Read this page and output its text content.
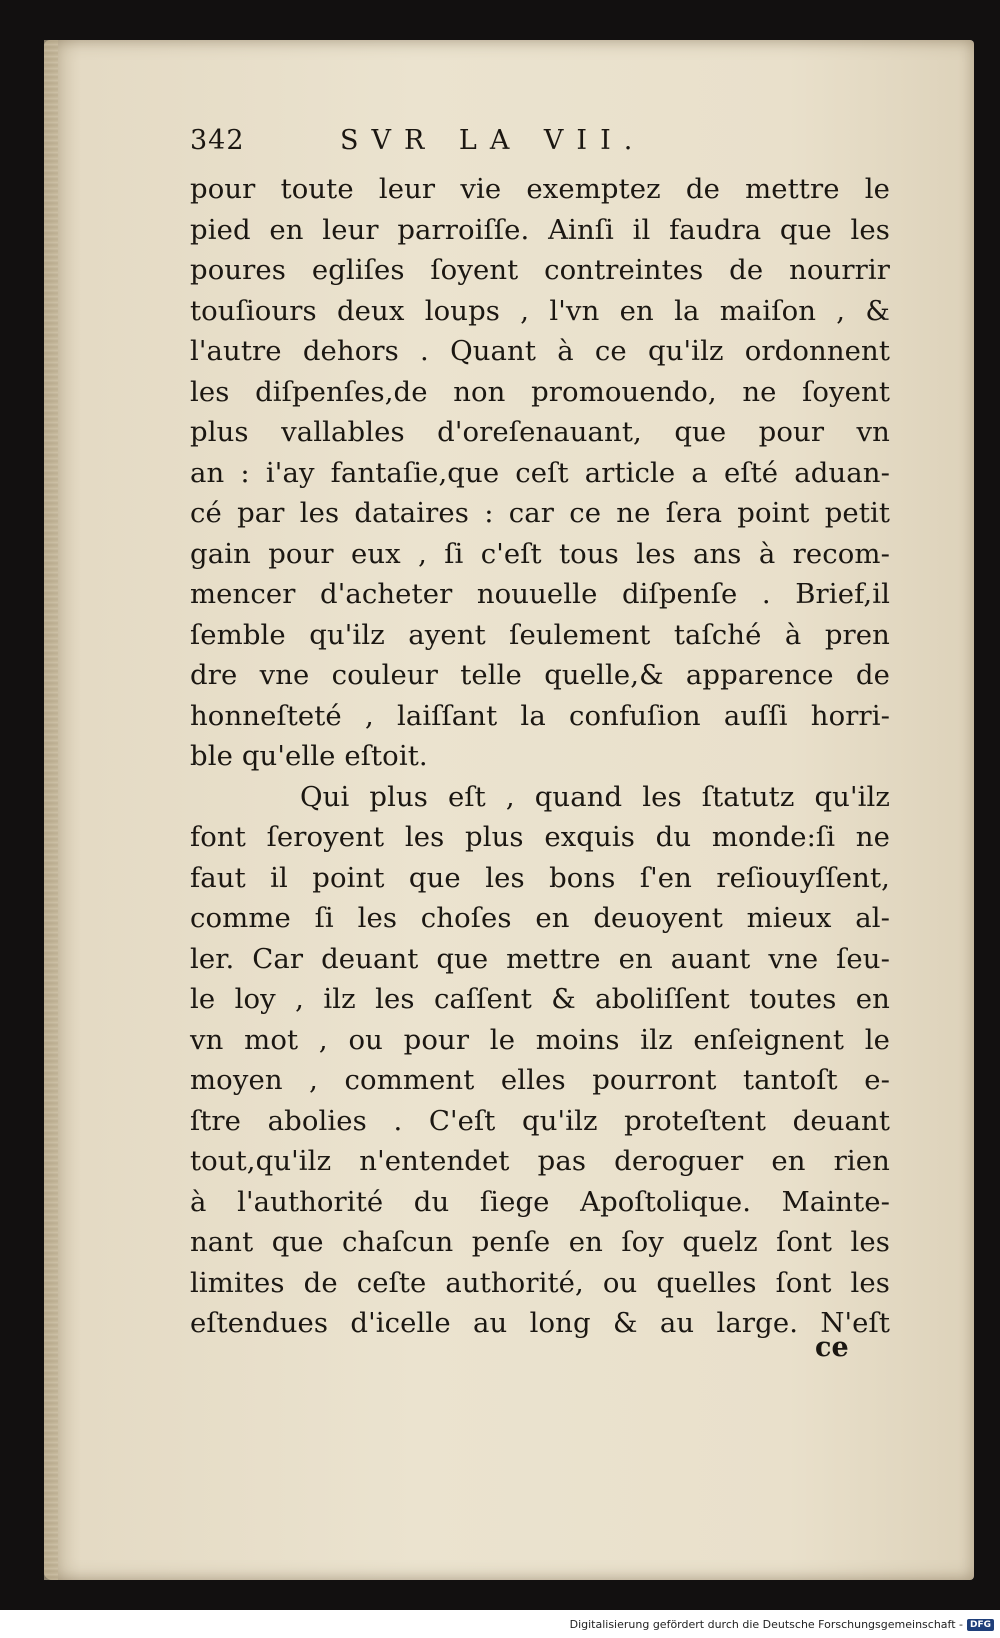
342	SVR LA VII.
pour toute leur vie exemptez de mettre le
pied en leur parroiſſe. Ainſi il faudra que les
poures egliſes ſoyent contreintes de nourrir
touſiours deux loups , l'vn en la maiſon , &
l'autre dehors . Quant à ce qu'ilz ordonnent
les diſpenſes,de non promouendo, ne ſoyent
plus vallables d'oreſenauant, que pour vn
an : i'ay fantaſie,que ceſt article a eſté aduan-
cé par les dataires : car ce ne ſera point petit
gain pour eux , ſi c'eſt tous les ans à recom-
mencer d'acheter nouuelle diſpenſe . Brief,il
ſemble qu'ilz ayent ſeulement taſché à pren
dre vne couleur telle quelle,& apparence de
honneſteté , laiſſant la confuſion auſſi horri-
ble qu'elle eſtoit.
Qui plus eſt , quand les ſtatutz qu'ilz
font ſeroyent les plus exquis du monde:ſi ne
faut il point que les bons ſ'en reſiouyſſent,
comme ſi les choſes en deuoyent mieux al-
ler. Car deuant que mettre en auant vne ſeu-
le loy , ilz les caſſent & aboliſſent toutes en
vn mot , ou pour le moins ilz enſeignent le
moyen , comment elles pourront tantoſt e-
ſtre abolies . C'eſt qu'ilz proteſtent deuant
tout,qu'ilz n'entendet pas deroguer en rien
à l'authorité du ſiege Apoſtolique. Mainte-
nant que chaſcun penſe en ſoy quelz ſont les
limites de ceſte authorité, ou quelles ſont les
eſtendues d'icelle au long & au large. N'eſt
ce
Digitalisierung gefördert durch die Deutsche Forschungsgemeinschaft - DFG
